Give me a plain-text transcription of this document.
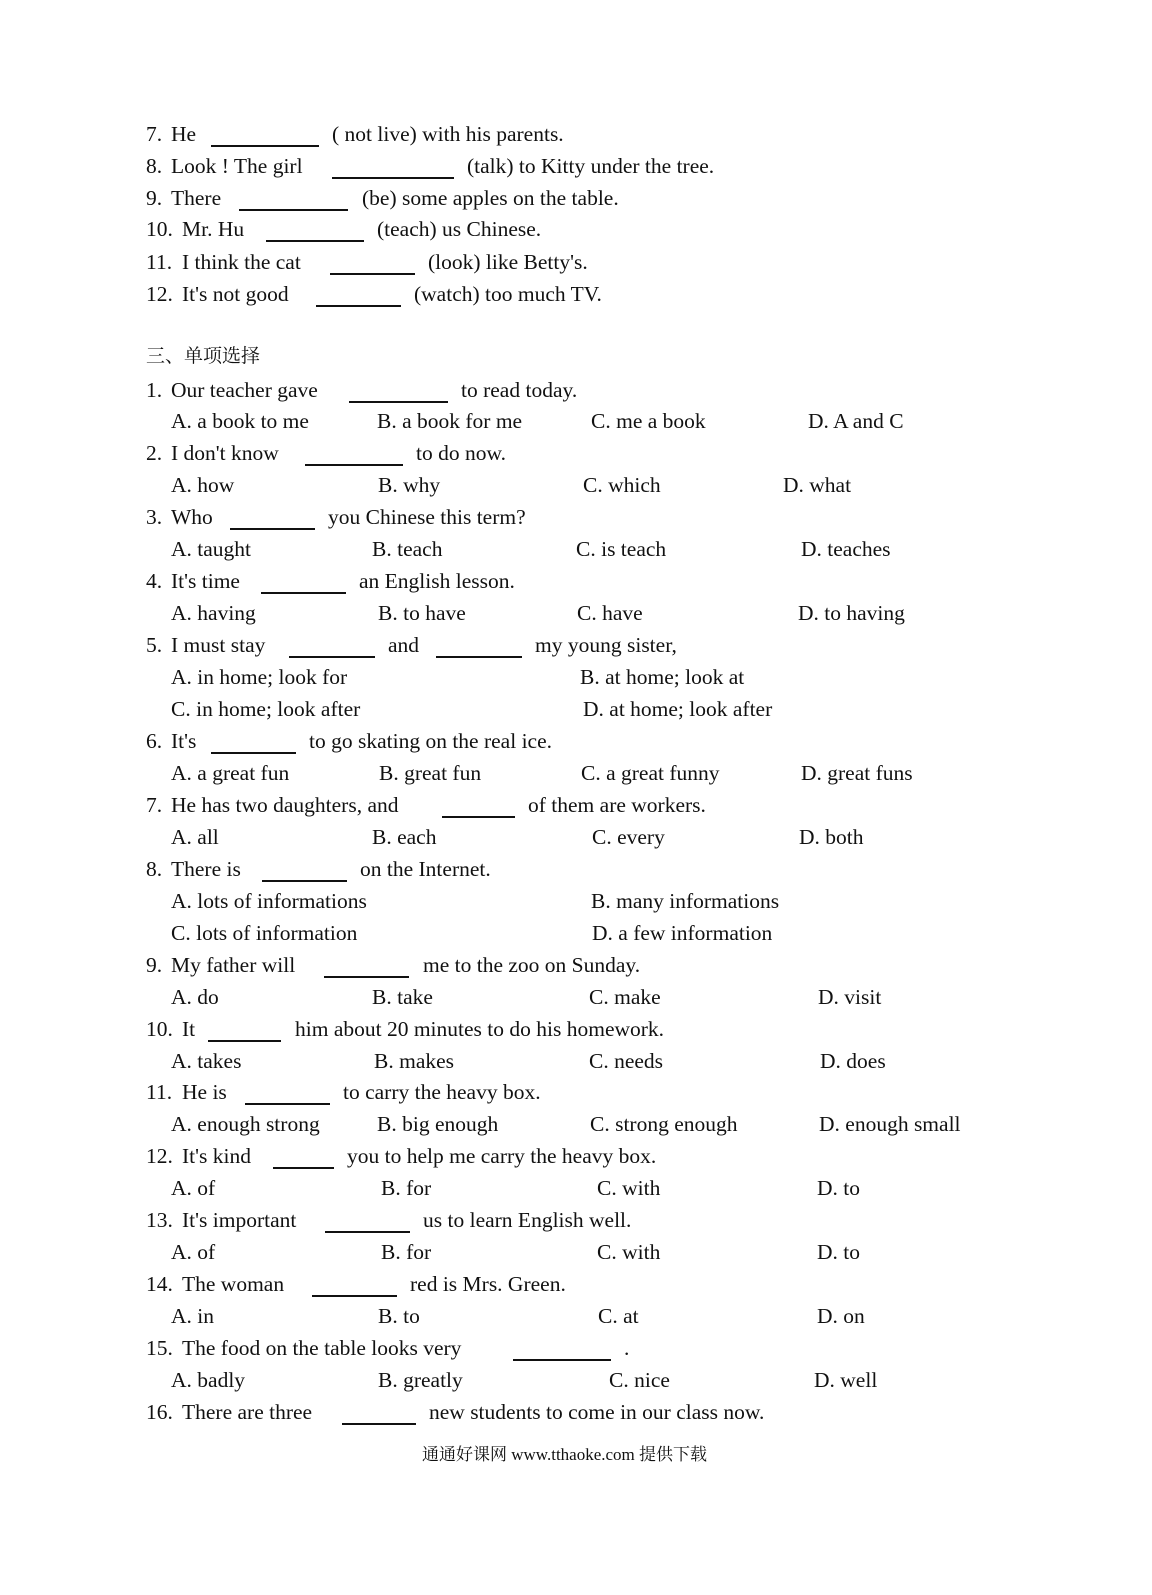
7. He	( not live) with his parents.
8. Look ! The girl	(talk) to Kitty under the tree.
9. There	(be) some apples on the table.
10. Mr. Hu	(teach) us Chinese.
11. I think the cat	(look) like Betty's.
12. It's not good	(watch) too much TV.
三、单项选择
1. Our teacher gave	to read today.
A. a book to me	B. a book for me	C. me a book	D. A and C
2. I don't know	to do now.
A. how	B. why	C. which	D. what
3. Who	you Chinese this term?
A. taught	B. teach	C. is teach	D. teaches
4. It's time	an English lesson.
A. having	B. to have	C. have	D. to having
5. I must stay	and	my young sister,
A. in home; look for	B. at home; look at
C. in home; look after	D. at home; look after
6. It's	to go skating on the real ice.
A. a great fun	B. great fun	C. a great funny	D. great funs
7. He has two daughters, and	of them are workers.
A. all	B. each	C. every	D. both
8. There is	on the Internet.
A. lots of informations	B. many informations
C. lots of information	D. a few information
9. My father will	me to the zoo on Sunday.
A. do	B. take	C. make	D. visit
10. It	him about 20 minutes to do his homework.
A. takes	B. makes	C. needs	D. does
11. He is	to carry the heavy box.
A. enough strong	B. big enough	C. strong enough	D. enough small
12. It's kind	you to help me carry the heavy box.
A. of	B. for	C. with	D. to
13. It's important	us to learn English well.
A. of	B. for	C. with	D. to
14. The woman	red is Mrs. Green.
A. in	B. to	C. at	D. on
15. The food on the table looks very	.
A. badly	B. greatly	C. nice	D. well
16. There are three	new students to come in our class now.
通通好课网 www.tthaoke.com 提供下载
